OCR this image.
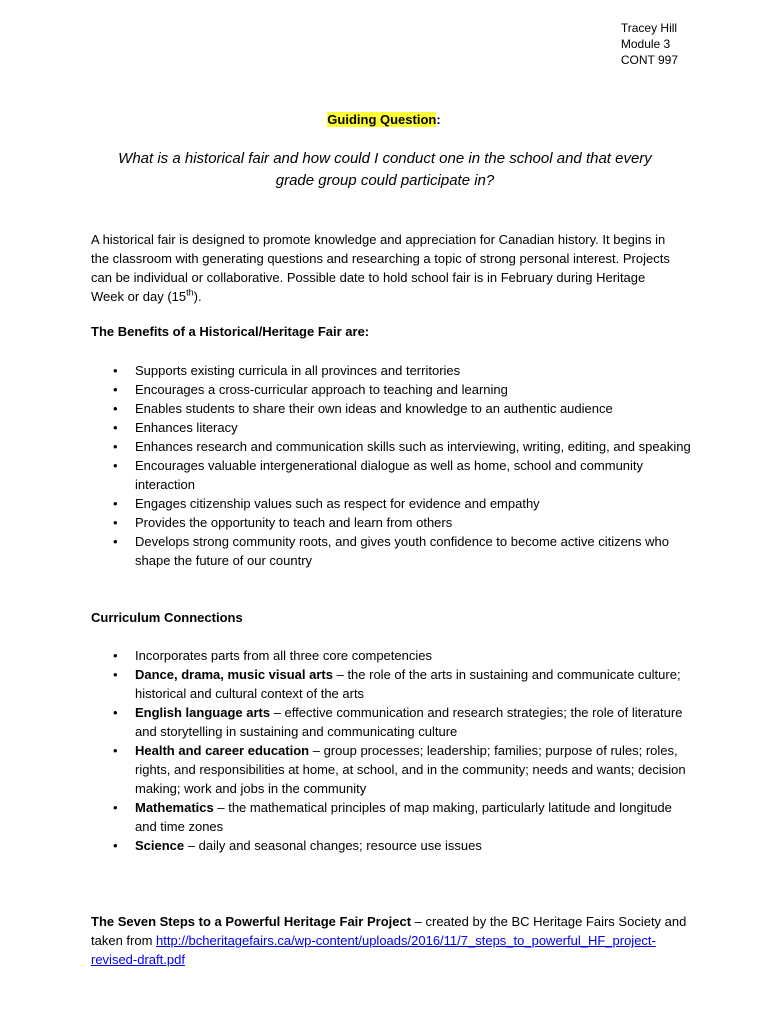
Tracey Hill
Module 3
CONT 997
Guiding Question:
What is a historical fair and how could I conduct one in the school and that every
grade group could participate in?
A historical fair is designed to promote knowledge and appreciation for Canadian history. It begins in the classroom with generating questions and researching a topic of strong personal interest. Projects can be individual or collaborative. Possible date to hold school fair is in February during Heritage Week or day (15th).
The Benefits of a Historical/Heritage Fair are:
• Supports existing curricula in all provinces and territories
• Encourages a cross-curricular approach to teaching and learning
• Enables students to share their own ideas and knowledge to an authentic audience
• Enhances literacy
• Enhances research and communication skills such as interviewing, writing, editing, and speaking
• Encourages valuable intergenerational dialogue as well as home, school and community interaction
• Engages citizenship values such as respect for evidence and empathy
• Provides the opportunity to teach and learn from others
• Develops strong community roots, and gives youth confidence to become active citizens who shape the future of our country
Curriculum Connections
• Incorporates parts from all three core competencies
• Dance, drama, music visual arts – the role of the arts in sustaining and communicate culture; historical and cultural context of the arts
• English language arts – effective communication and research strategies; the role of literature and storytelling in sustaining and communicating culture
• Health and career education – group processes; leadership; families; purpose of rules; roles, rights, and responsibilities at home, at school, and in the community; needs and wants; decision making; work and jobs in the community
• Mathematics – the mathematical principles of map making, particularly latitude and longitude and time zones
• Science – daily and seasonal changes; resource use issues
The Seven Steps to a Powerful Heritage Fair Project – created by the BC Heritage Fairs Society and taken from http://bcheritagefairs.ca/wp-content/uploads/2016/11/7_steps_to_powerful_HF_project-revised-draft.pdf
